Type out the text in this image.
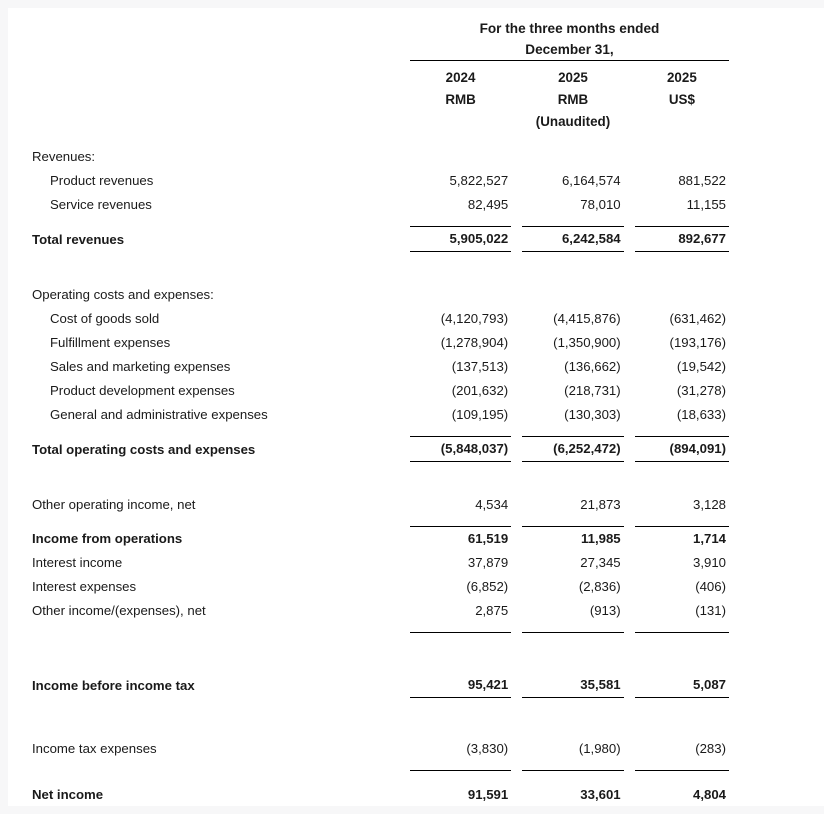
	For the three months ended
December 31,				

	2024		2025		2025
	RMB		RMB		US$
			(Unaudited)		

Revenues:					
Product revenues	5,822,527		6,164,574		881,522
Service revenues	82,495		78,010		11,155

Total revenues	5,905,022		6,242,584		892,677

Operating costs and expenses:					
Cost of goods sold	(4,120,793)		(4,415,876)		(631,462)
Fulfillment expenses	(1,278,904)		(1,350,900)		(193,176)
Sales and marketing expenses	(137,513)		(136,662)		(19,542)
Product development expenses	(201,632)		(218,731)		(31,278)
General and administrative expenses	(109,195)		(130,303)		(18,633)

Total operating costs and expenses	(5,848,037)		(6,252,472)		(894,091)

Other operating income, net	4,534		21,873		3,128

Income from operations	61,519		11,985		1,714
Interest income	37,879		27,345		3,910
Interest expenses	(6,852)		(2,836)		(406)
Other income/(expenses), net	2,875		(913)		(131)

Income before income tax	95,421		35,581		5,087

Income tax expenses	(3,830)		(1,980)		(283)

Net income	91,591		33,601		4,804
